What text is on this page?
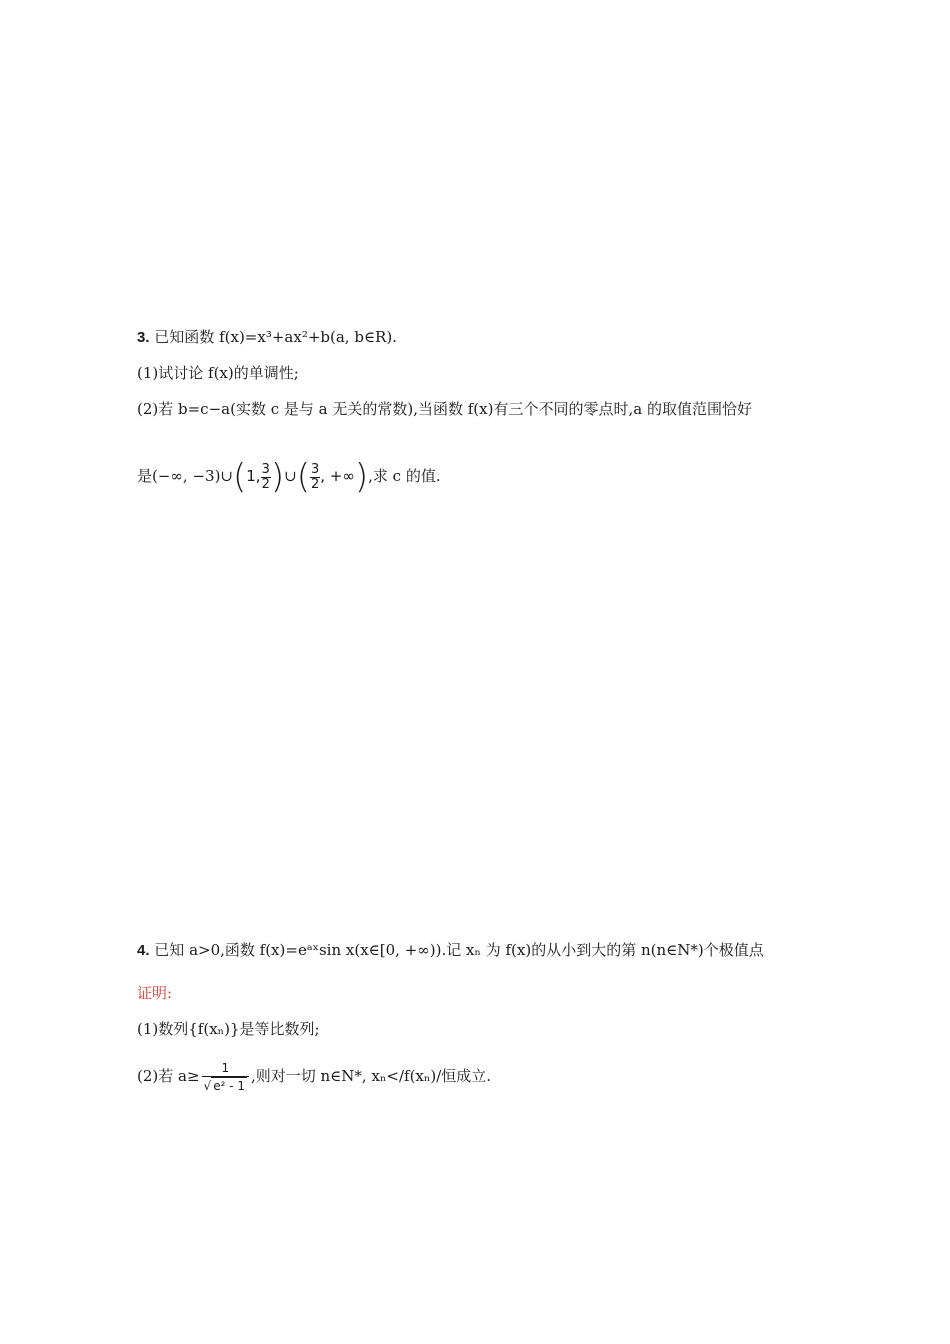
3. 已知函数 f(x)=x³+ax²+b(a, b∈R).
(1)试讨论 f(x)的单调性;
(2)若 b=c−a(实数 c 是与 a 无关的常数),当函数 f(x)有三个不同的零点时,a 的取值范围恰好
是(−∞, −3)∪(1, $\frac{3}{2}$ )∪( $\frac{3}{2}$ , +∞),求 c 的值.
4. 已知 a>0,函数 f(x)=eᵃˣsin x(x∈[0, +∞)).记 xₙ 为 f(x)的从小到大的第 n(n∈N*)个极值点
证明:
(1)数列{f(xₙ)}是等比数列;
(2)若 $a\ge \frac{1}{\text{√ e² - 1}}$ ,则对一切 n∈N*, xₙ</f(xₙ)/恒成立.
